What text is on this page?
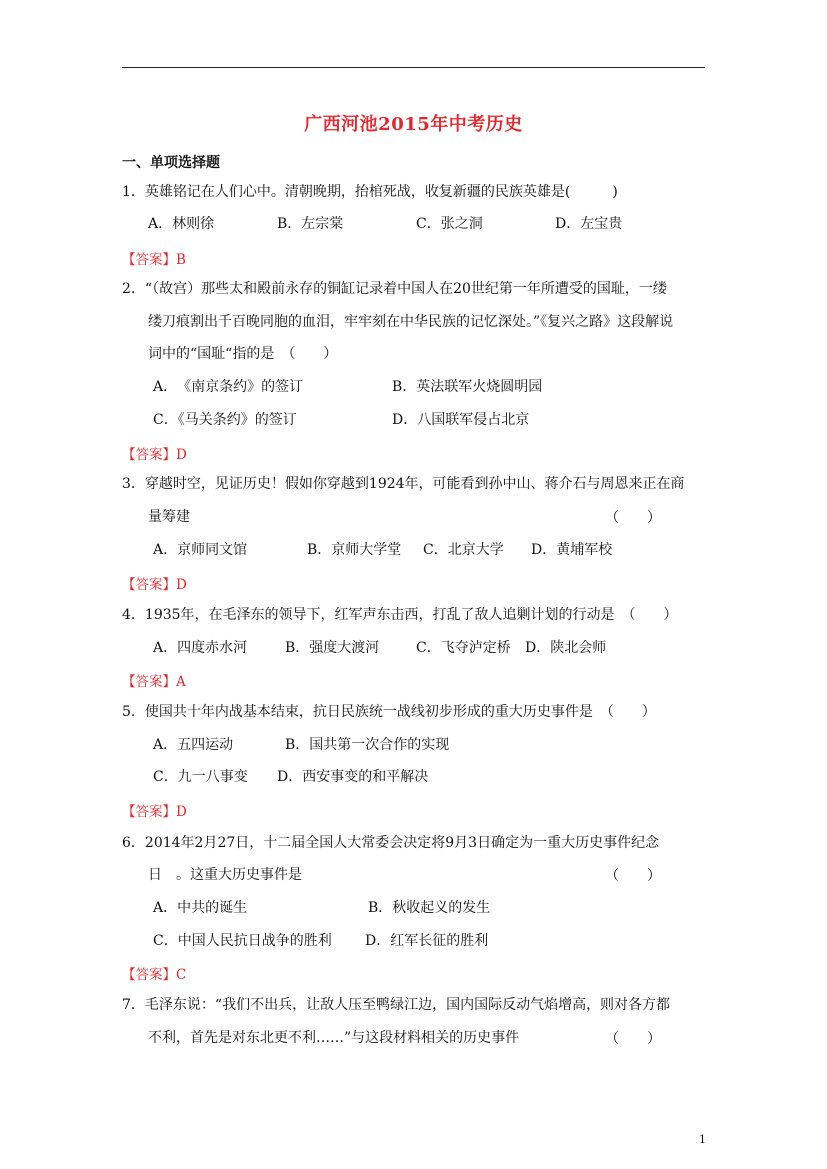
广西河池2015年中考历史
一、单项选择题
1．英雄铭记在人们心中。清朝晚期，抬棺死战，收复新疆的民族英雄是(　　　)
A．林则徐	B．左宗棠	C．张之洞	D．左宝贵
【答案】B
2．“（故宫）那些太和殿前永存的铜缸记录着中国人在20世纪第一年所遭受的国耻，一缕
缕刀痕割出千百晚同胞的血泪，牢牢刻在中华民族的记忆深处。”《复兴之路》这段解说
词中的“国耻“指的是　（　　）
A．　《南京条约》的签订	B．英法联军火烧圆明园
C．《马关条约》的签订	D．八国联军侵占北京
【答案】D
3．穿越时空，见证历史！假如你穿越到1924年，可能看到孙中山、蒋介石与周恩来正在商
量筹建	（　　）
A．京师同文馆	B．京师大学堂 C．北京大学 D．黄埔军校
【答案】D
4．1935年，在毛泽东的领导下，红军声东击西，打乱了敌人追剿计划的行动是　（　　）
A．四度赤水河	B．强度大渡河	C．飞夺泸定桥 D．陕北会师
【答案】A
5．使国共十年内战基本结束，抗日民族统一战线初步形成的重大历史事件是　（　　）
A．五四运动	B．国共第一次合作的实现
C．九一八事变 D．西安事变的和平解决
【答案】D
6．2014年2月27日，十二届全国人大常委会决定将9月3日确定为一重大历史事件纪念
日　。这重大历史事件是	（　　）
A．中共的诞生	B．秋收起义的发生
C．中国人民抗日战争的胜利 D．红军长征的胜利
【答案】C
7．毛泽东说：“我们不出兵，让敌人压至鸭绿江边，国内国际反动气焰增高，则对各方都
不利，首先是对东北更不利……”与这段材料相关的历史事件	（　　）
1
